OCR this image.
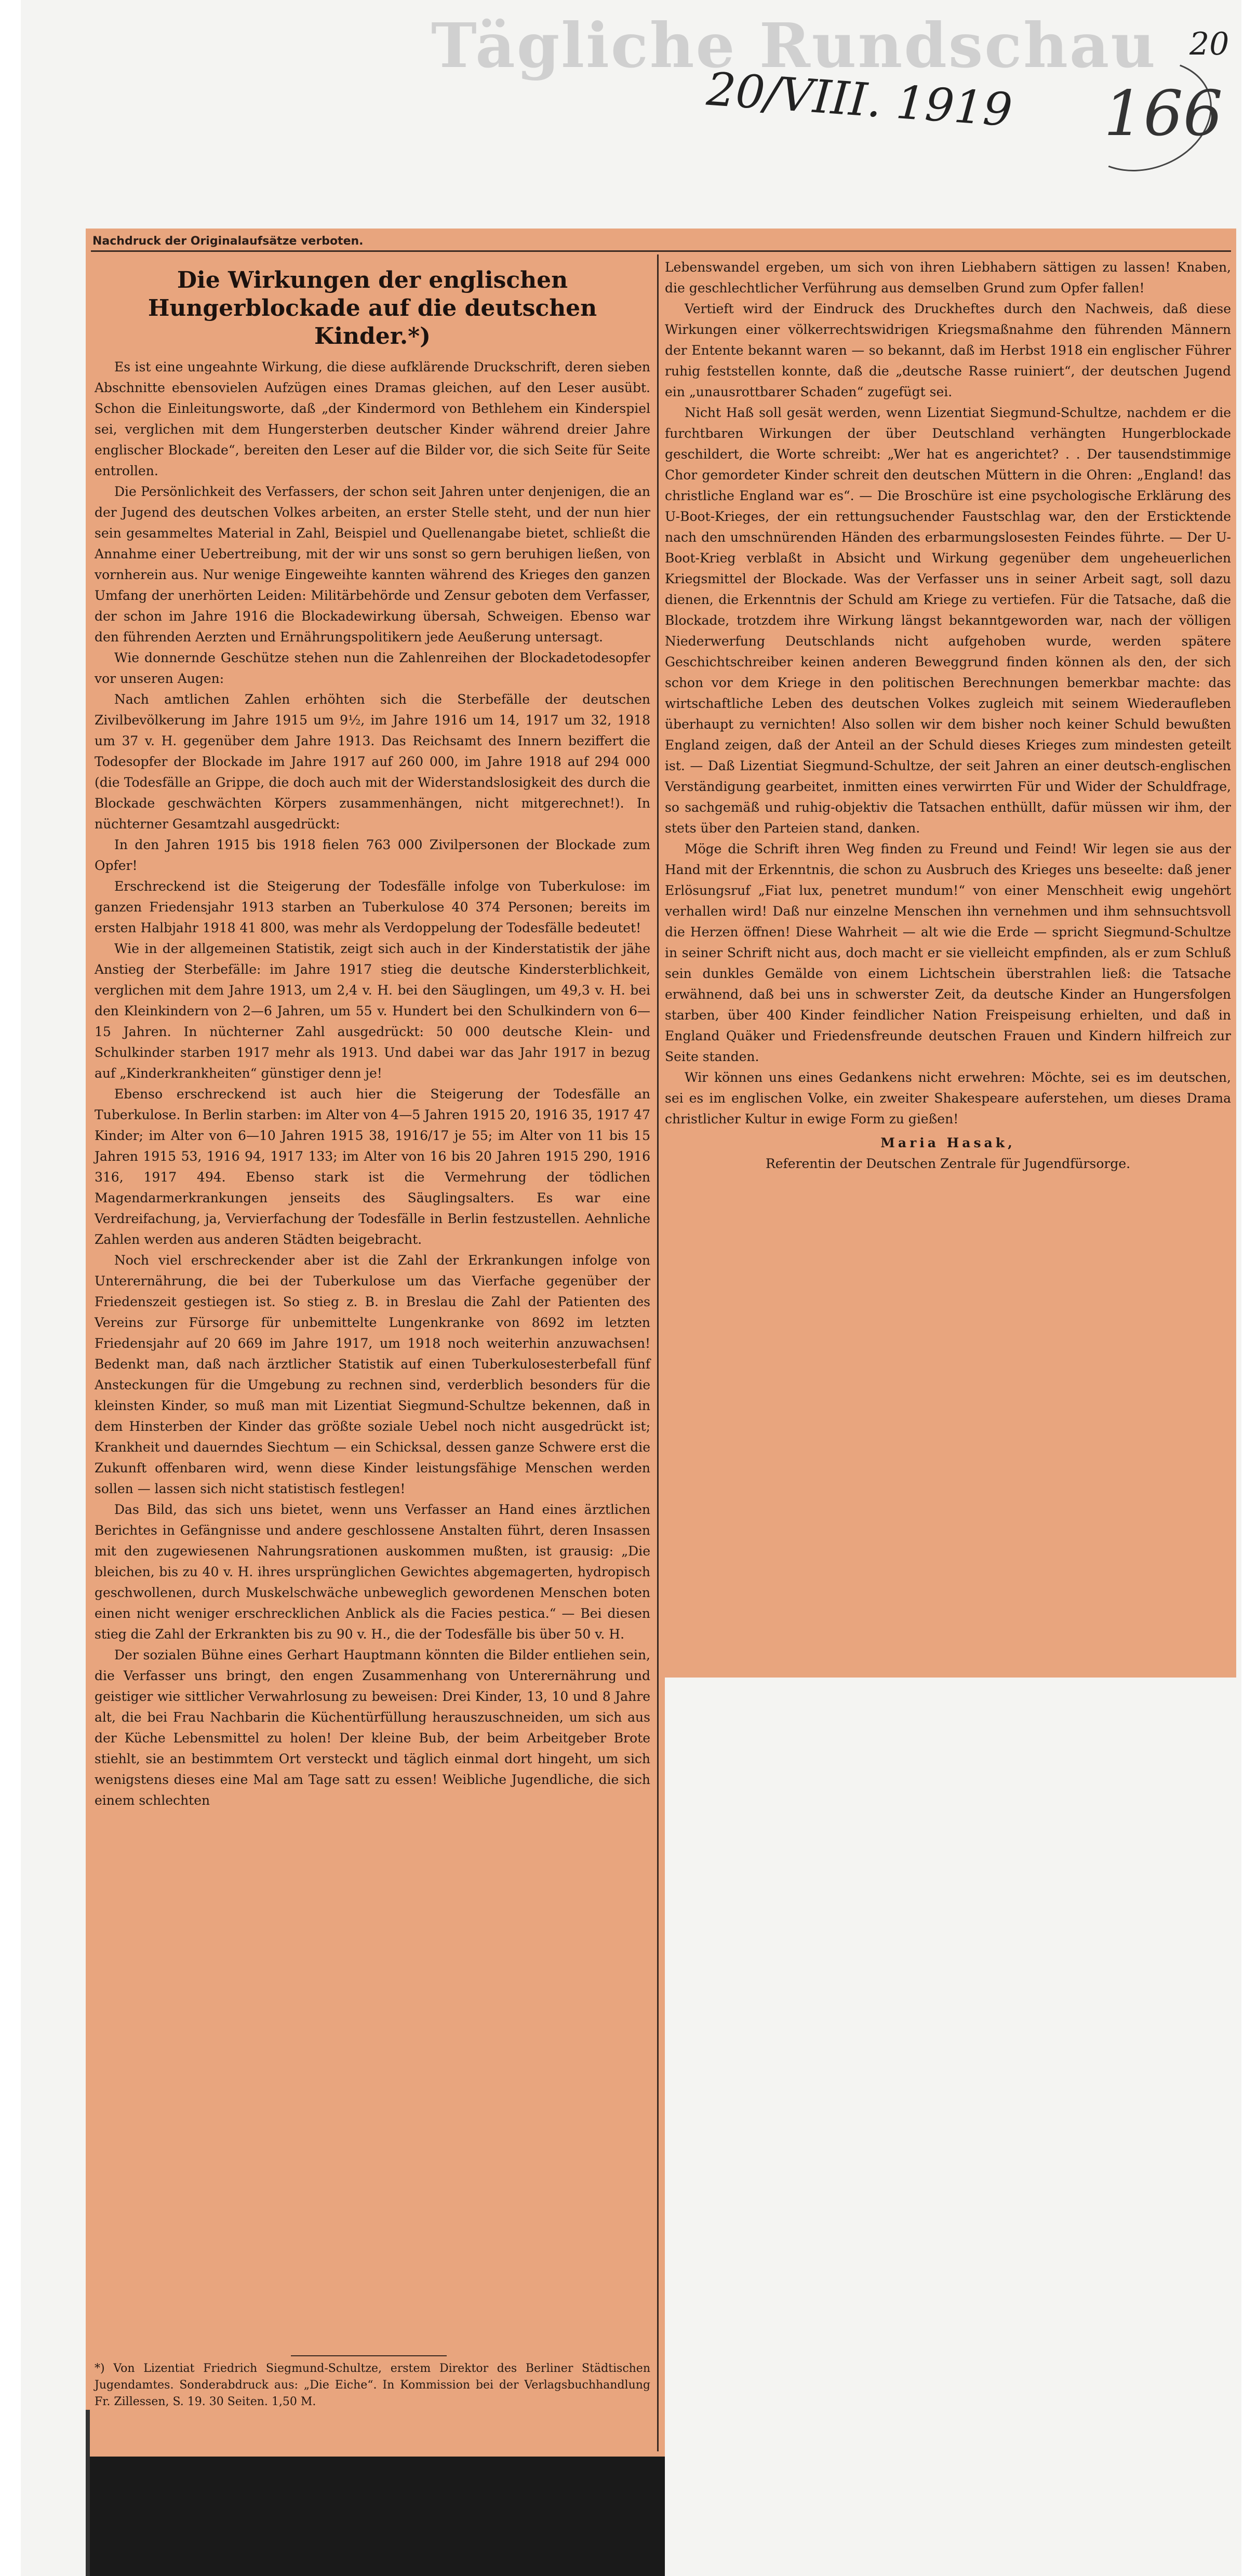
Tägliche Rundschau 20
20/VIII. 1919 166
Nachdruck der Originalaufsätze verboten.
Die Wirkungen der englischen Hungerblockade auf die deutschen Kinder.*)

Es ist eine ungeahnte Wirkung, die diese aufklärende Druckschrift, deren sieben Abschnitte ebensovielen Aufzügen eines Dramas gleichen, auf den Leser ausübt. Schon die Einleitungsworte, daß „der Kindermord von Bethlehem ein Kinderspiel sei, verglichen mit dem Hungersterben deutscher Kinder während dreier Jahre englischer Blockade“, bereiten den Leser auf die Bilder vor, die sich Seite für Seite entrollen.

Die Persönlichkeit des Verfassers, der schon seit Jahren unter denjenigen, die an der Jugend des deutschen Volkes arbeiten, an erster Stelle steht, und der nun hier sein gesammeltes Material in Zahl, Beispiel und Quellenangabe bietet, schließt die Annahme einer Uebertreibung, mit der wir uns sonst so gern beruhigen ließen, von vornherein aus. Nur wenige Eingeweihte kannten während des Krieges den ganzen Umfang der unerhörten Leiden: Militärbehörde und Zensur geboten dem Verfasser, der schon im Jahre 1916 die Blockadewirkung übersah, Schweigen. Ebenso war den führenden Aerzten und Ernährungspolitikern jede Aeußerung untersagt.

Wie donnernde Geschütze stehen nun die Zahlenreihen der Blockadetodesopfer vor unseren Augen:

Nach amtlichen Zahlen erhöhten sich die Sterbefälle der deutschen Zivilbevölkerung im Jahre 1915 um 9½, im Jahre 1916 um 14, 1917 um 32, 1918 um 37 v. H. gegenüber dem Jahre 1913. Das Reichsamt des Innern beziffert die Todesopfer der Blockade im Jahre 1917 auf 260 000, im Jahre 1918 auf 294 000 (die Todesfälle an Grippe, die doch auch mit der Widerstandslosigkeit des durch die Blockade geschwächten Körpers zusammenhängen, nicht mitgerechnet!). In nüchterner Gesamtzahl ausgedrückt:

In den Jahren 1915 bis 1918 fielen 763 000 Zivilpersonen der Blockade zum Opfer!

Erschreckend ist die Steigerung der Todesfälle infolge von Tuberkulose: im ganzen Friedensjahr 1913 starben an Tuberkulose 40 374 Personen; bereits im ersten Halbjahr 1918 41 800, was mehr als Verdoppelung der Todesfälle bedeutet!

Wie in der allgemeinen Statistik, zeigt sich auch in der Kinderstatistik der jähe Anstieg der Sterbefälle: im Jahre 1917 stieg die deutsche Kindersterblichkeit, verglichen mit dem Jahre 1913, um 2,4 v. H. bei den Säuglingen, um 49,3 v. H. bei den Kleinkindern von 2—6 Jahren, um 55 v. Hundert bei den Schulkindern von 6—15 Jahren. In nüchterner Zahl ausgedrückt: 50 000 deutsche Klein- und Schulkinder starben 1917 mehr als 1913. Und dabei war das Jahr 1917 in bezug auf „Kinderkrankheiten“ günstiger denn je!

Ebenso erschreckend ist auch hier die Steigerung der Todesfälle an Tuberkulose. In Berlin starben: im Alter von 4—5 Jahren 1915 20, 1916 35, 1917 47 Kinder; im Alter von 6—10 Jahren 1915 38, 1916/17 je 55; im Alter von 11 bis 15 Jahren 1915 53, 1916 94, 1917 133; im Alter von 16 bis 20 Jahren 1915 290, 1916 316, 1917 494. Ebenso stark ist die Vermehrung der tödlichen Magendarmerkrankungen jenseits des Säuglingsalters. Es war eine Verdreifachung, ja, Vervierfachung der Todesfälle in Berlin festzustellen. Aehnliche Zahlen werden aus anderen Städten beigebracht.

Noch viel erschreckender aber ist die Zahl der Erkrankungen infolge von Unterernährung, die bei der Tuberkulose um das Vierfache gegenüber der Friedenszeit gestiegen ist. So stieg z. B. in Breslau die Zahl der Patienten des Vereins zur Fürsorge für unbemittelte Lungenkranke von 8692 im letzten Friedensjahr auf 20 669 im Jahre 1917, um 1918 noch weiterhin anzuwachsen! Bedenkt man, daß nach ärztlicher Statistik auf einen Tuberkulosesterbefall fünf Ansteckungen für die Umgebung zu rechnen sind, verderblich besonders für die kleinsten Kinder, so muß man mit Lizentiat Siegmund-Schultze bekennen, daß in dem Hinsterben der Kinder das größte soziale Uebel noch nicht ausgedrückt ist; Krankheit und dauerndes Siechtum — ein Schicksal, dessen ganze Schwere erst die Zukunft offenbaren wird, wenn diese Kinder leistungsfähige Menschen werden sollen — lassen sich nicht statistisch festlegen!

Das Bild, das sich uns bietet, wenn uns Verfasser an Hand eines ärztlichen Berichtes in Gefängnisse und andere geschlossene Anstalten führt, deren Insassen mit den zugewiesenen Nahrungsrationen auskommen mußten, ist grausig: „Die bleichen, bis zu 40 v. H. ihres ursprünglichen Gewichtes abgemagerten, hydropisch geschwollenen, durch Muskelschwäche unbeweglich gewordenen Menschen boten einen nicht weniger erschrecklichen Anblick als die Facies pestica.“ — Bei diesen stieg die Zahl der Erkrankten bis zu 90 v. H., die der Todesfälle bis über 50 v. H.

Der sozialen Bühne eines Gerhart Hauptmann könnten die Bilder entliehen sein, die Verfasser uns bringt, den engen Zusammenhang von Unterernährung und geistiger wie sittlicher Verwahrlosung zu beweisen: Drei Kinder, 13, 10 und 8 Jahre alt, die bei Frau Nachbarin die Küchentürfüllung herauszuschneiden, um sich aus der Küche Lebensmittel zu holen! Der kleine Bub, der beim Arbeitgeber Brote stiehlt, sie an bestimmtem Ort versteckt und täglich einmal dort hingeht, um sich wenigstens dieses eine Mal am Tage satt zu essen! Weibliche Jugendliche, die sich einem schlechten

Lebenswandel ergeben, um sich von ihren Liebhabern sättigen zu lassen! Knaben, die geschlechtlicher Verführung aus demselben Grund zum Opfer fallen!

Vertieft wird der Eindruck des Druckheftes durch den Nachweis, daß diese Wirkungen einer völkerrechtswidrigen Kriegsmaßnahme den führenden Männern der Entente bekannt waren — so bekannt, daß im Herbst 1918 ein englischer Führer ruhig feststellen konnte, daß die „deutsche Rasse ruiniert“, der deutschen Jugend ein „unausrottbarer Schaden“ zugefügt sei.

Nicht Haß soll gesät werden, wenn Lizentiat Siegmund-Schultze, nachdem er die furchtbaren Wirkungen der über Deutschland verhängten Hungerblockade geschildert, die Worte schreibt: „Wer hat es angerichtet? . . Der tausendstimmige Chor gemordeter Kinder schreit den deutschen Müttern in die Ohren: „England! das christliche England war es“. — Die Broschüre ist eine psychologische Erklärung des U-Boot-Krieges, der ein rettungsuchender Faustschlag war, den der Ersticktende nach den umschnürenden Händen des erbarmungslosesten Feindes führte. — Der U-Boot-Krieg verblaßt in Absicht und Wirkung gegenüber dem ungeheuerlichen Kriegsmittel der Blockade. Was der Verfasser uns in seiner Arbeit sagt, soll dazu dienen, die Erkenntnis der Schuld am Kriege zu vertiefen. Für die Tatsache, daß die Blockade, trotzdem ihre Wirkung längst bekanntgeworden war, nach der völligen Niederwerfung Deutschlands nicht aufgehoben wurde, werden spätere Geschichtschreiber keinen anderen Beweggrund finden können als den, der sich schon vor dem Kriege in den politischen Berechnungen bemerkbar machte: das wirtschaftliche Leben des deutschen Volkes zugleich mit seinem Wiederaufleben überhaupt zu vernichten! Also sollen wir dem bisher noch keiner Schuld bewußten England zeigen, daß der Anteil an der Schuld dieses Krieges zum mindesten geteilt ist. — Daß Lizentiat Siegmund-Schultze, der seit Jahren an einer deutsch-englischen Verständigung gearbeitet, inmitten eines verwirrten Für und Wider der Schuldfrage, so sachgemäß und ruhig-objektiv die Tatsachen enthüllt, dafür müssen wir ihm, der stets über den Parteien stand, danken.

Möge die Schrift ihren Weg finden zu Freund und Feind! Wir legen sie aus der Hand mit der Erkenntnis, die schon zu Ausbruch des Krieges uns beseelte: daß jener Erlösungsruf „Fiat lux, penetret mundum!“ von einer Menschheit ewig ungehört verhallen wird! Daß nur einzelne Menschen ihn vernehmen und ihm sehnsuchtsvoll die Herzen öffnen! Diese Wahrheit — alt wie die Erde — spricht Siegmund-Schultze in seiner Schrift nicht aus, doch macht er sie vielleicht empfinden, als er zum Schluß sein dunkles Gemälde von einem Lichtschein überstrahlen ließ: die Tatsache erwähnend, daß bei uns in schwerster Zeit, da deutsche Kinder an Hungersfolgen starben, über 400 Kinder feindlicher Nation Freispeisung erhielten, und daß in England Quäker und Friedensfreunde deutschen Frauen und Kindern hilfreich zur Seite standen.

Wir können uns eines Gedankens nicht erwehren: Möchte, sei es im deutschen, sei es im englischen Volke, ein zweiter Shakespeare auferstehen, um dieses Drama christlicher Kultur in ewige Form zu gießen!

Maria Hasak,
Referentin der Deutschen Zentrale für Jugendfürsorge.
*) Von Lizentiat Friedrich Siegmund-Schultze, erstem Direktor des Berliner Städtischen Jugendamtes. Sonderabdruck aus: „Die Eiche“. In Kommission bei der Verlagsbuchhandlung Fr. Zillessen, S. 19. 30 Seiten. 1,50 M.
